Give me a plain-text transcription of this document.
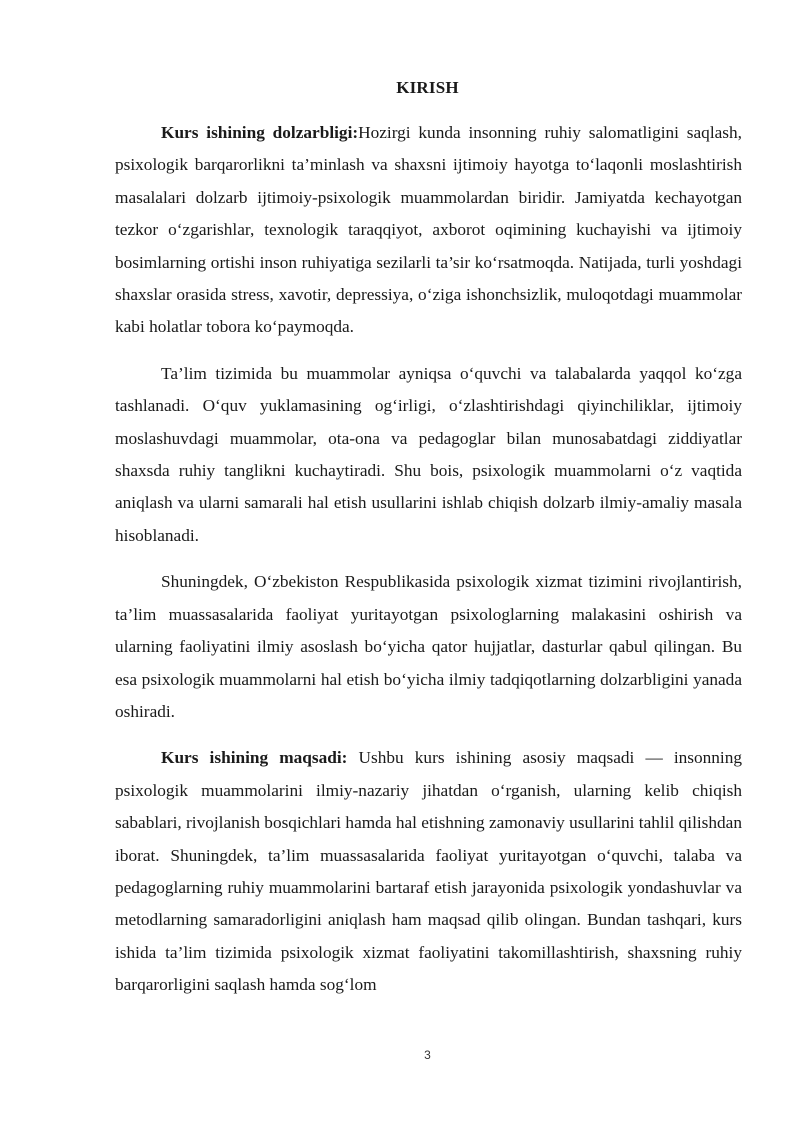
KIRISH

Kurs ishining dolzarbligi:Hozirgi kunda insonning ruhiy salomatligini saqlash, psixologik barqarorlikni ta’minlash va shaxsni ijtimoiy hayotga to‘laqonli moslashtirish masalalari dolzarb ijtimoiy-psixologik muammolardan biridir. Jamiyatda kechayotgan tezkor o‘zgarishlar, texnologik taraqqiyot, axborot oqimining kuchayishi va ijtimoiy bosimlarning ortishi inson ruhiyatiga sezilarli ta’sir ko‘rsatmoqda. Natijada, turli yoshdagi shaxslar orasida stress, xavotir, depressiya, o‘ziga ishonchsizlik, muloqotdagi muammolar kabi holatlar tobora ko‘paymoqda.

Ta’lim tizimida bu muammolar ayniqsa o‘quvchi va talabalarda yaqqol ko‘zga tashlanadi. O‘quv yuklamasining og‘irligi, o‘zlashtirishdagi qiyinchiliklar, ijtimoiy moslashuvdagi muammolar, ota-ona va pedagoglar bilan munosabatdagi ziddiyatlar shaxsda ruhiy tanglikni kuchaytiradi. Shu bois, psixologik muammolarni o‘z vaqtida aniqlash va ularni samarali hal etish usullarini ishlab chiqish dolzarb ilmiy-amaliy masala hisoblanadi.

Shuningdek, O‘zbekiston Respublikasida psixologik xizmat tizimini rivojlantirish, ta’lim muassasalarida faoliyat yuritayotgan psixologlarning malakasini oshirish va ularning faoliyatini ilmiy asoslash bo‘yicha qator hujjatlar, dasturlar qabul qilingan. Bu esa psixologik muammolarni hal etish bo‘yicha ilmiy tadqiqotlarning dolzarbligini yanada oshiradi.

Kurs ishining maqsadi: Ushbu kurs ishining asosiy maqsadi — insonning psixologik muammolarini ilmiy-nazariy jihatdan o‘rganish, ularning kelib chiqish sabablari, rivojlanish bosqichlari hamda hal etishning zamonaviy usullarini tahlil qilishdan iborat. Shuningdek, ta’lim muassasalarida faoliyat yuritayotgan o‘quvchi, talaba va pedagoglarning ruhiy muammolarini bartaraf etish jarayonida psixologik yondashuvlar va metodlarning samaradorligini aniqlash ham maqsad qilib olingan. Bundan tashqari, kurs ishida ta’lim tizimida psixologik xizmat faoliyatini takomillashtirish, shaxsning ruhiy barqarorligini saqlash hamda sog‘lom

3
